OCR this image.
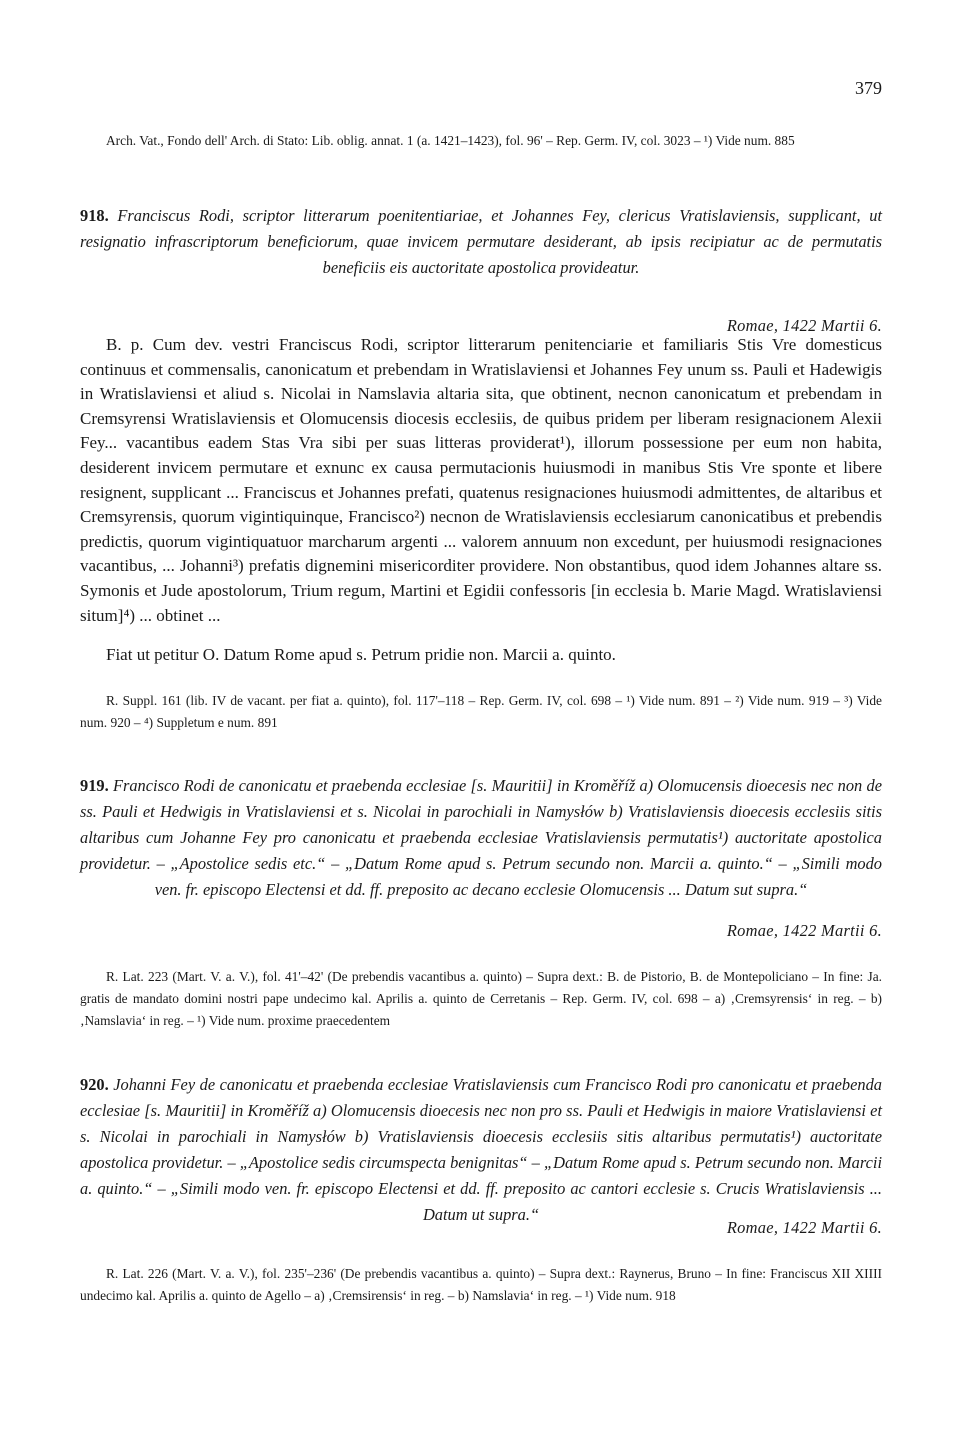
379
Arch. Vat., Fondo dell' Arch. di Stato: Lib. oblig. annat. 1 (a. 1421–1423), fol. 96' – Rep. Germ. IV, col. 3023 – ¹) Vide num. 885
918. Franciscus Rodi, scriptor litterarum poenitentiariae, et Johannes Fey, clericus Vratislaviensis, supplicant, ut resignatio infrascriptorum beneficiorum, quae invicem permutare desiderant, ab ipsis recipiatur ac de permutatis beneficiis eis auctoritate apostolica provideatur.
Romae, 1422 Martii 6.
B. p. Cum dev. vestri Franciscus Rodi, scriptor litterarum penitenciarie et familiaris Stis Vre domesticus continuus et commensalis, canonicatum et prebendam in Wratislaviensi et Johannes Fey unum ss. Pauli et Hadewigis in Wratislaviensi et aliud s. Nicolai in Namslavia altaria sita, que obtinent, necnon canonicatum et prebendam in Cremsyrensi Wratislaviensis et Olomucensis diocesis ecclesiis, de quibus pridem per liberam resignacionem Alexii Fey... vacantibus eadem Stas Vra sibi per suas litteras providerat¹), illorum possessione per eum non habita, desiderent invicem permutare et exnunc ex causa permutacionis huiusmodi in manibus Stis Vre sponte et libere resignent, supplicant ... Franciscus et Johannes prefati, quatenus resignaciones huiusmodi admittentes, de altaribus et Cremsyrensis, quorum vigintiquinque, Francisco²) necnon de Wratislaviensis ecclesiarum canonicatibus et prebendis predictis, quorum vigintiquatuor marcharum argenti ... valorem annuum non excedunt, per huiusmodi resignaciones vacantibus, ... Johanni³) prefatis dignemini misericorditer providere. Non obstantibus, quod idem Johannes altare ss. Symonis et Jude apostolorum, Trium regum, Martini et Egidii confessoris [in ecclesia b. Marie Magd. Wratislaviensi situm]⁴) ... obtinet ...
Fiat ut petitur O. Datum Rome apud s. Petrum pridie non. Marcii a. quinto.
R. Suppl. 161 (lib. IV de vacant. per fiat a. quinto), fol. 117'–118 – Rep. Germ. IV, col. 698 – ¹) Vide num. 891 – ²) Vide num. 919 – ³) Vide num. 920 – ⁴) Suppletum e num. 891
919. Francisco Rodi de canonicatu et praebenda ecclesiae [s. Mauritii] in Kroměříž a) Olomucensis dioecesis nec non de ss. Pauli et Hedwigis in Vratislaviensi et s. Nicolai in parochiali in Namysłów b) Vratislaviensis dioecesis ecclesiis sitis altaribus cum Johanne Fey pro canonicatu et praebenda ecclesiae Vratislaviensis permutatis¹) auctoritate apostolica providetur. – „Apostolice sedis etc.“ – „Datum Rome apud s. Petrum secundo non. Marcii a. quinto.“ – „Simili modo ven. fr. episcopo Electensi et dd. ff. preposito ac decano ecclesie Olomucensis ... Datum sut supra.“
Romae, 1422 Martii 6.
R. Lat. 223 (Mart. V. a. V.), fol. 41'–42' (De prebendis vacantibus a. quinto) – Supra dext.: B. de Pistorio, B. de Montepoliciano – In fine: Ja. gratis de mandato domini nostri pape undecimo kal. Aprilis a. quinto de Cerretanis – Rep. Germ. IV, col. 698 – a) ‚Cremsyrensis‘ in reg. – b) ‚Namslavia‘ in reg. – ¹) Vide num. proxime praecedentem
920. Johanni Fey de canonicatu et praebenda ecclesiae Vratislaviensis cum Francisco Rodi pro canonicatu et praebenda ecclesiae [s. Mauritii] in Kroměříž a) Olomucensis dioecesis nec non pro ss. Pauli et Hedwigis in maiore Vratislaviensi et s. Nicolai in parochiali in Namysłów b) Vratislaviensis dioecesis ecclesiis sitis altaribus permutatis¹) auctoritate apostolica providetur. – „Apostolice sedis circumspecta benignitas“ – „Datum Rome apud s. Petrum secundo non. Marcii a. quinto.“ – „Simili modo ven. fr. episcopo Electensi et dd. ff. preposito ac cantori ecclesie s. Crucis Wratislaviensis ... Datum ut supra.“
Romae, 1422 Martii 6.
R. Lat. 226 (Mart. V. a. V.), fol. 235'–236' (De prebendis vacantibus a. quinto) – Supra dext.: Raynerus, Bruno – In fine: Franciscus XII XIIII undecimo kal. Aprilis a. quinto de Agello – a) ‚Cremsirensis‘ in reg. – b) Namslavia‘ in reg. – ¹) Vide num. 918
